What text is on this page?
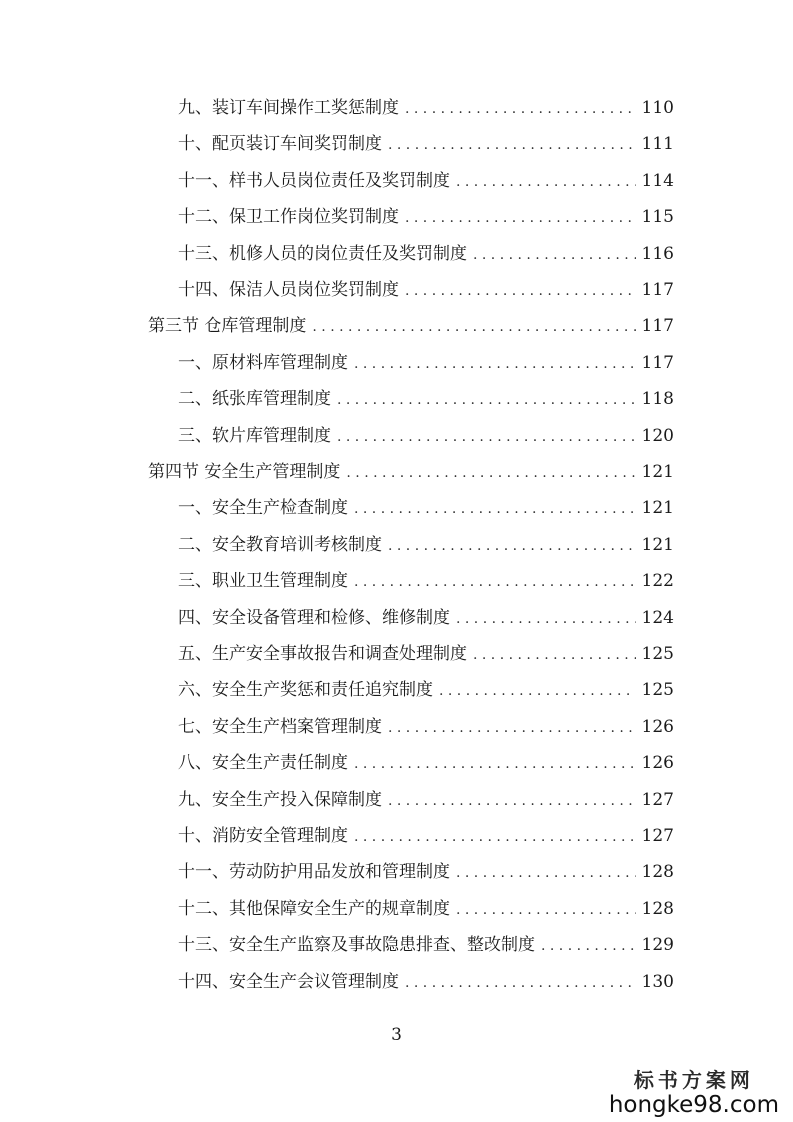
九、装订车间操作工奖惩制度 . . .	110
十、配页装订车间奖罚制度 . . .	111
十一、样书人员岗位责任及奖罚制度 . . .	114
十二、保卫工作岗位奖罚制度 . . .	115
十三、机修人员的岗位责任及奖罚制度 . . .	116
十四、保洁人员岗位奖罚制度 . . .	117
第三节 仓库管理制度 . . .	117
一、原材料库管理制度 . . .	117
二、纸张库管理制度 . . .	118
三、软片库管理制度 . . .	120
第四节 安全生产管理制度 . . .	121
一、安全生产检查制度 . . .	121
二、安全教育培训考核制度 . . .	121
三、职业卫生管理制度 . . .	122
四、安全设备管理和检修、维修制度 . . .	124
五、生产安全事故报告和调查处理制度 . . .	125
六、安全生产奖惩和责任追究制度 . . .	125
七、安全生产档案管理制度 . . .	126
八、安全生产责任制度 . . .	126
九、安全生产投入保障制度 . . .	127
十、消防安全管理制度 . . .	127
十一、劳动防护用品发放和管理制度 . . .	128
十二、其他保障安全生产的规章制度 . . .	128
十三、安全生产监察及事故隐患排查、整改制度 . . .	129
十四、安全生产会议管理制度 . . .	130
3
标书方案网
hongke98.com
